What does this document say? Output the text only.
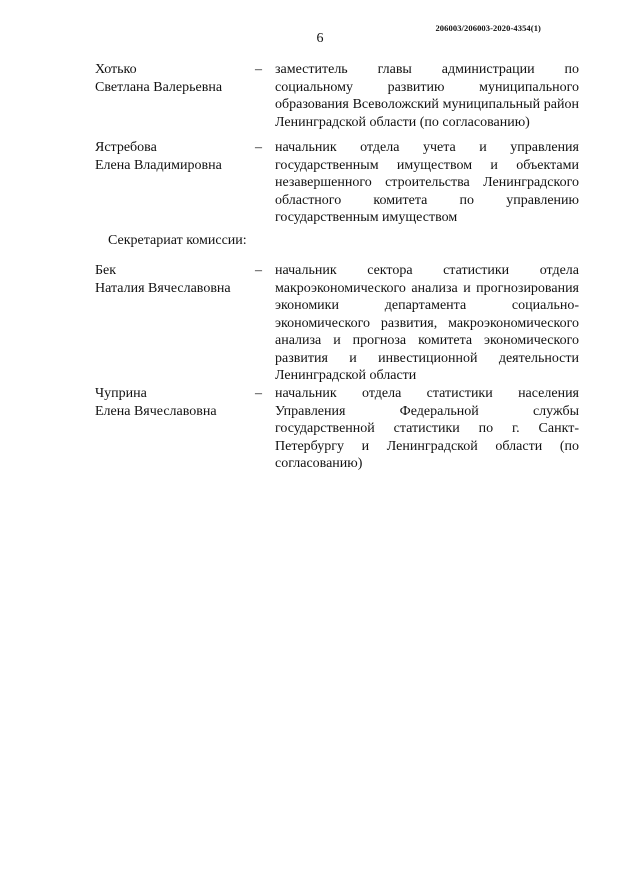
206003/206003-2020-4354(1)
6
Хотько
Светлана Валерьевна
– заместитель главы администрации по социальному развитию муниципального образования Всеволожский муниципальный район Ленинградской области (по согласованию)
Ястребова
Елена Владимировна
– начальник отдела учета и управления государственным имуществом и объектами незавершенного строительства Ленинградского областного комитета по управлению государственным имуществом
Секретариат комиссии:
Бек
Наталия Вячеславовна
– начальник сектора статистики отдела макроэкономического анализа и прогнозирования экономики департамента социально-экономического развития, макроэкономического анализа и прогноза комитета экономического развития и инвестиционной деятельности Ленинградской области
Чуприна
Елена Вячеславовна
– начальник отдела статистики населения Управления Федеральной службы государственной статистики по г. Санкт-Петербургу и Ленинградской области (по согласованию)
